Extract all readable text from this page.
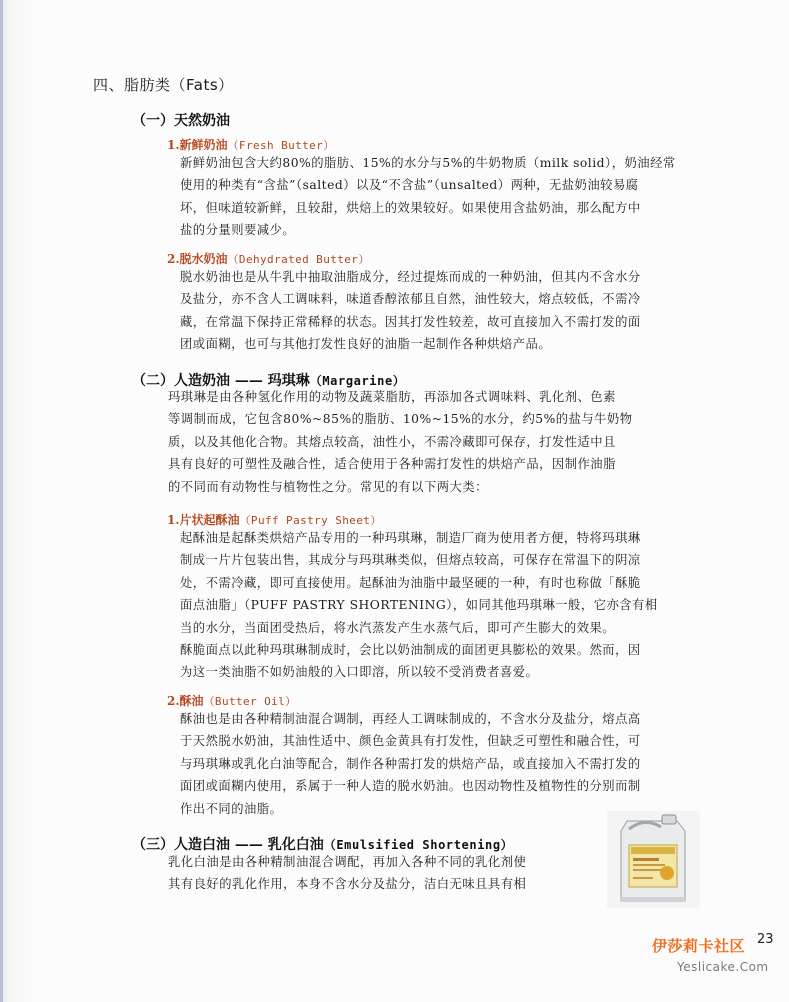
四、脂肪类（Fats）
（一）天然奶油
1.新鲜奶油（Fresh Butter）
新鲜奶油包含大约80%的脂肪、15%的水分与5%的牛奶物质（milk solid），奶油经常
使用的种类有“含盐”（salted）以及“不含盐”（unsalted）两种，无盐奶油较易腐
坏，但味道较新鲜，且较甜，烘焙上的效果较好。如果使用含盐奶油，那么配方中
盐的分量则要减少。
2.脱水奶油（Dehydrated Butter）
脱水奶油也是从牛乳中抽取油脂成分，经过提炼而成的一种奶油，但其内不含水分
及盐分，亦不含人工调味料，味道香醇浓郁且自然，油性较大，熔点较低，不需冷
藏，在常温下保持正常稀释的状态。因其打发性较差，故可直接加入不需打发的面
团或面糊，也可与其他打发性良好的油脂一起制作各种烘焙产品。
（二）人造奶油 —— 玛琪琳（Margarine）
玛琪琳是由各种氢化作用的动物及蔬菜脂肪，再添加各式调味料、乳化剂、色素
等调制而成，它包含80%~85%的脂肪、10%~15%的水分，约5%的盐与牛奶物
质，以及其他化合物。其熔点较高，油性小，不需冷藏即可保存，打发性适中且
具有良好的可塑性及融合性，适合使用于各种需打发性的烘焙产品，因制作油脂
的不同而有动物性与植物性之分。常见的有以下两大类：
1.片状起酥油（Puff Pastry Sheet）
起酥油是起酥类烘焙产品专用的一种玛琪琳，制造厂商为使用者方便，特将玛琪琳
制成一片片包装出售，其成分与玛琪琳类似，但熔点较高，可保存在常温下的阴凉
处，不需冷藏，即可直接使用。起酥油为油脂中最坚硬的一种，有时也称做「酥脆
面点油脂」（PUFF PASTRY SHORTENING），如同其他玛琪琳一般，它亦含有相
当的水分，当面团受热后，将水汽蒸发产生水蒸气后，即可产生膨大的效果。
酥脆面点以此种玛琪琳制成时，会比以奶油制成的面团更具膨松的效果。然而，因
为这一类油脂不如奶油般的入口即溶，所以较不受消费者喜爱。
2.酥油（Butter Oil）
酥油也是由各种精制油混合调制，再经人工调味制成的，不含水分及盐分，熔点高
于天然脱水奶油，其油性适中、颜色金黄具有打发性，但缺乏可塑性和融合性，可
与玛琪琳或乳化白油等配合，制作各种需打发的烘焙产品，或直接加入不需打发的
面团或面糊内使用，系属于一种人造的脱水奶油。也因动物性及植物性的分别而制
作出不同的油脂。
（三）人造白油 —— 乳化白油（Emulsified Shortening）
乳化白油是由各种精制油混合调配，再加入各种不同的乳化剂使
其有良好的乳化作用，本身不含水分及盐分，洁白无味且具有相
伊莎莉卡社区 23
Yeslicake.Com
